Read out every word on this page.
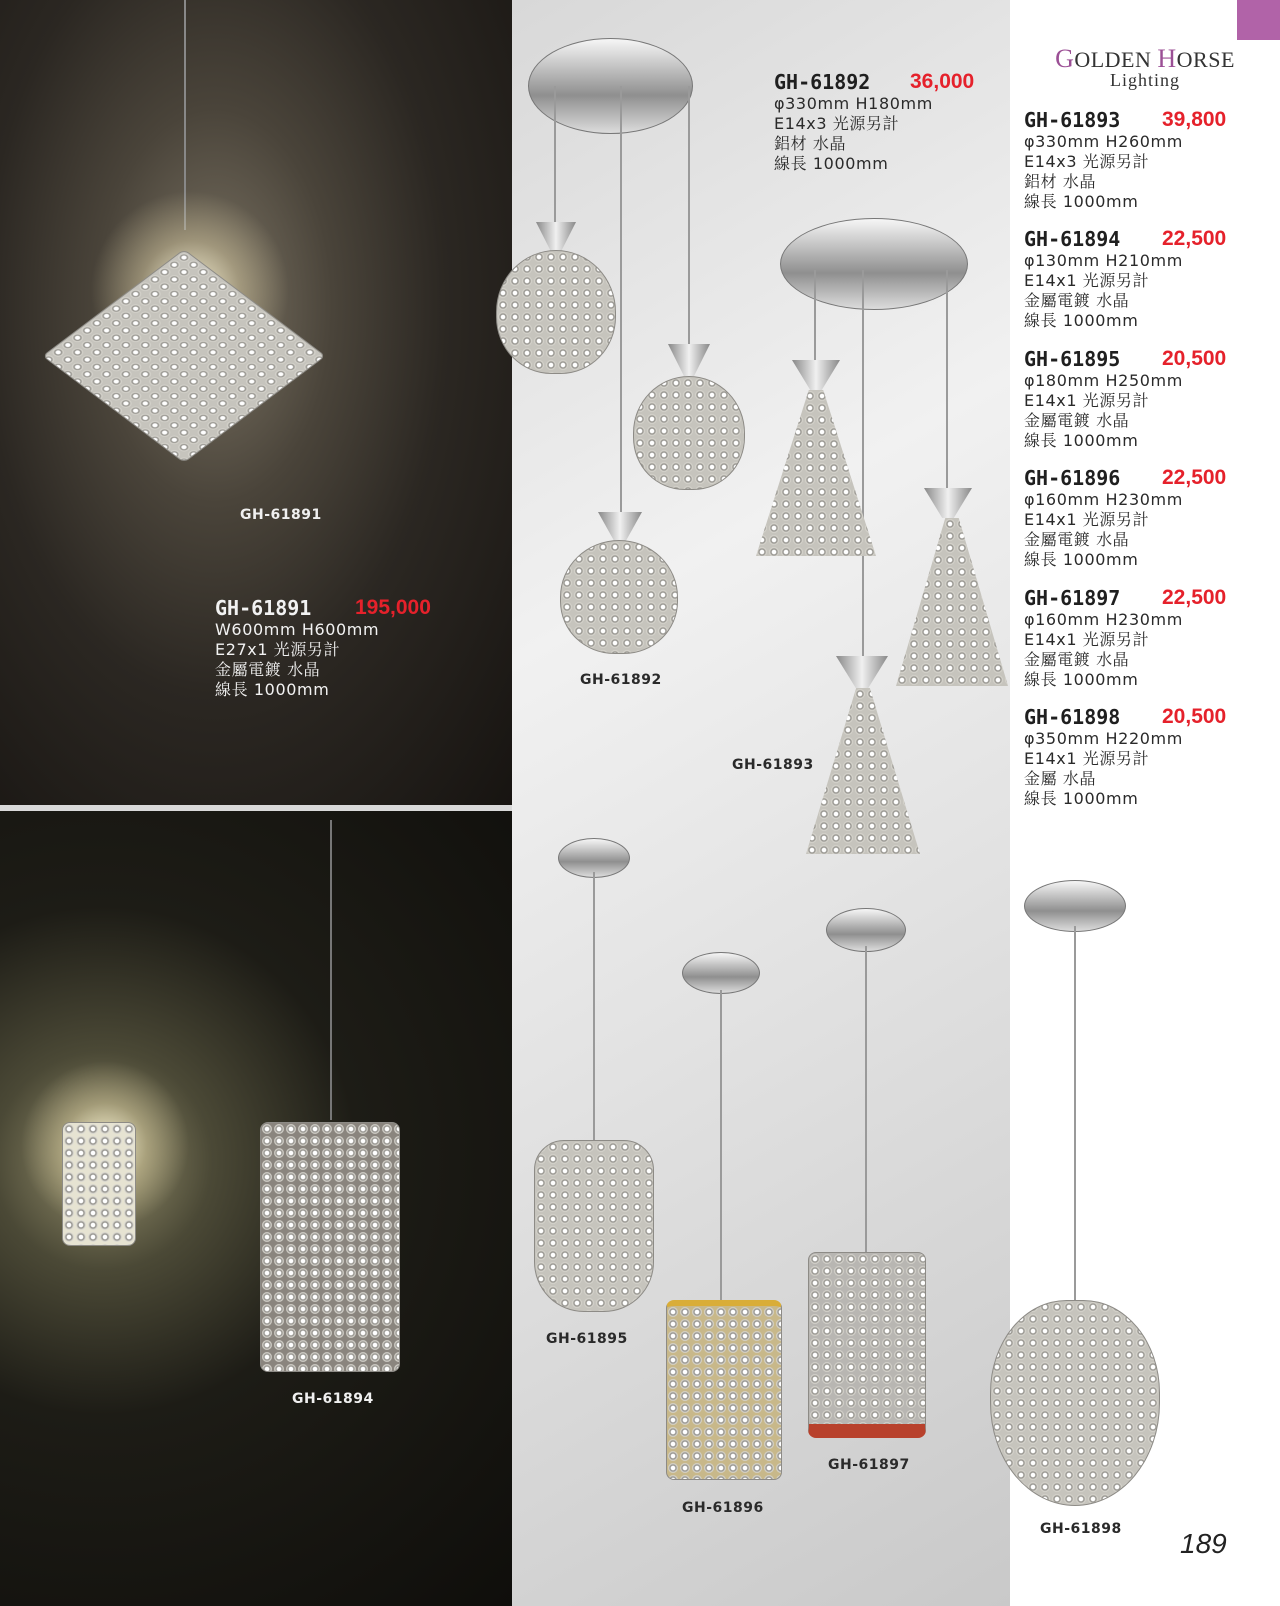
GH-61891
GH-61891 195,000
W600mm H600mm
E27x1 光源另計
金屬電鍍 水晶
線長 1000mm
GH-61894
GH-61892
GH-61892 36,000
φ330mm H180mm
E14x3 光源另計
鋁材 水晶
線長 1000mm
GH-61893
GH-61895
GH-61896
GH-61897
GH-61898
GOLDEN HORSE
Lighting
GH-61893 39,800
φ330mm H260mm
E14x3 光源另計
鋁材 水晶
線長 1000mm
GH-61894 22,500
φ130mm H210mm
E14x1 光源另計
金屬電鍍 水晶
線長 1000mm
GH-61895 20,500
φ180mm H250mm
E14x1 光源另計
金屬電鍍 水晶
線長 1000mm
GH-61896 22,500
φ160mm H230mm
E14x1 光源另計
金屬電鍍 水晶
線長 1000mm
GH-61897 22,500
φ160mm H230mm
E14x1 光源另計
金屬電鍍 水晶
線長 1000mm
GH-61898 20,500
φ350mm H220mm
E14x1 光源另計
金屬 水晶
線長 1000mm
189
